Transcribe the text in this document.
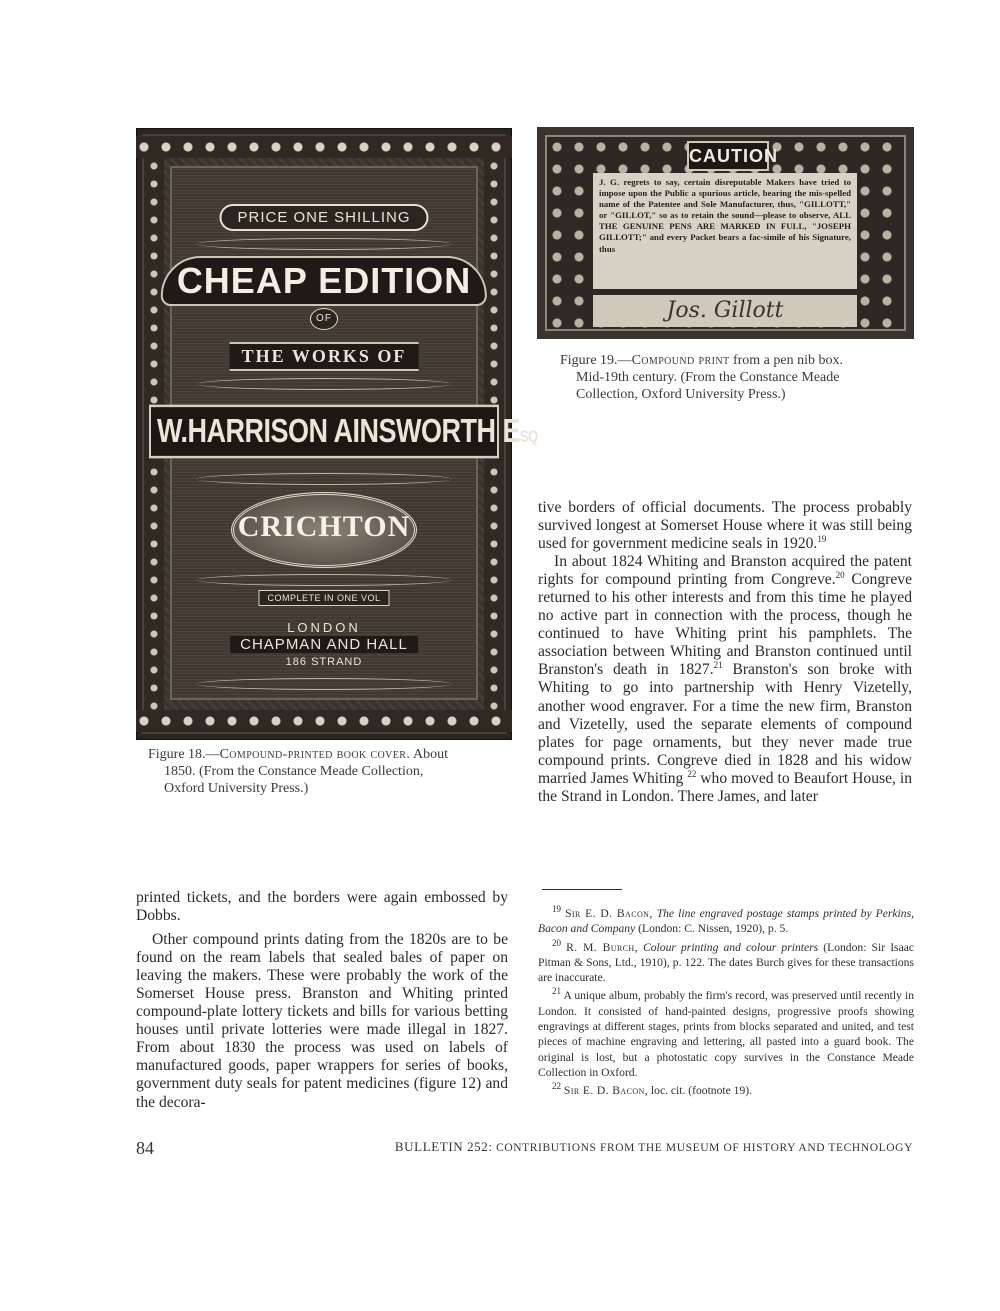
PRICE ONE SHILLING
CHEAP EDITION
OF
THE WORKS OF
W.HARRISON AINSWORTH ESQ
CRICHTON
COMPLETE IN ONE VOL
LONDON
CHAPMAN AND HALL
186 STRAND
Figure 18.—Compound-printed book cover. About
1850. (From the Constance Meade Collection,
Oxford University Press.)
CAUTION
J. G. regrets to say, certain disreputable Makers have tried to impose upon the Public a spurious article, bearing the mis-spelled name of the Patentee and Sole Manufacturer, thus, "GILLOTT," or "GILLOT," so as to retain the sound—please to observe, ALL THE GENUINE PENS ARE MARKED IN FULL, "JOSEPH GILLOTT;" and every Packet bears a fac-simile of his Signature, thus
Jos. Gillott
Figure 19.—Compound print from a pen nib box.
Mid-19th century. (From the Constance Meade
Collection, Oxford University Press.)

tive borders of official documents. The process probably survived longest at Somerset House where it was still being used for government medicine seals in 1920.19

In about 1824 Whiting and Branston acquired the patent rights for compound printing from Congreve.$^{20}$ Congreve returned to his other interests and from this time he played no active part in connection with the process, though he continued to have Whiting print his pamphlets. The association between Whiting and Branston continued until Branston's death in 1827.21 Branston's son broke with Whiting to go into partnership with Henry Vizetelly, another wood engraver. For a time the new firm, Branston and Vizetelly, used the separate elements of compound plates for page ornaments, but they never made true compound prints. Congreve died in 1828 and his widow married James Whiting $^{22}$ who moved to Beaufort House, in the Strand in London. There James, and later

printed tickets, and the borders were again embossed by Dobbs.

Other compound prints dating from the 1820s are to be found on the ream labels that sealed bales of paper on leaving the makers. These were probably the work of the Somerset House press. Branston and Whiting printed compound-plate lottery tickets and bills for various betting houses until private lotteries were made illegal in 1827. From about 1830 the process was used on labels of manufactured goods, paper wrappers for series of books, government duty seals for patent medicines (figure 12) and the decora-

$^{19}$ Sir E. D. Bacon, The line engraved postage stamps printed by Perkins, Bacon and Company (London: C. Nissen, 1920), p. 5.

$^{20}$ R. M. Burch, Colour printing and colour printers (London: Sir Isaac Pitman & Sons, Ltd., 1910), p. 122. The dates Burch gives for these transactions are inaccurate.

$^{21}$ A unique album, probably the firm's record, was preserved until recently in London. It consisted of hand-painted designs, progressive proofs showing engravings at different stages, prints from blocks separated and united, and test pieces of machine engraving and lettering, all pasted into a guard book. The original is lost, but a photostatic copy survives in the Constance Meade Collection in Oxford.

$^{22}$ Sir E. D. Bacon, loc. cit. (footnote 19).

84	BULLETIN 252: CONTRIBUTIONS FROM THE MUSEUM OF HISTORY AND TECHNOLOGY
